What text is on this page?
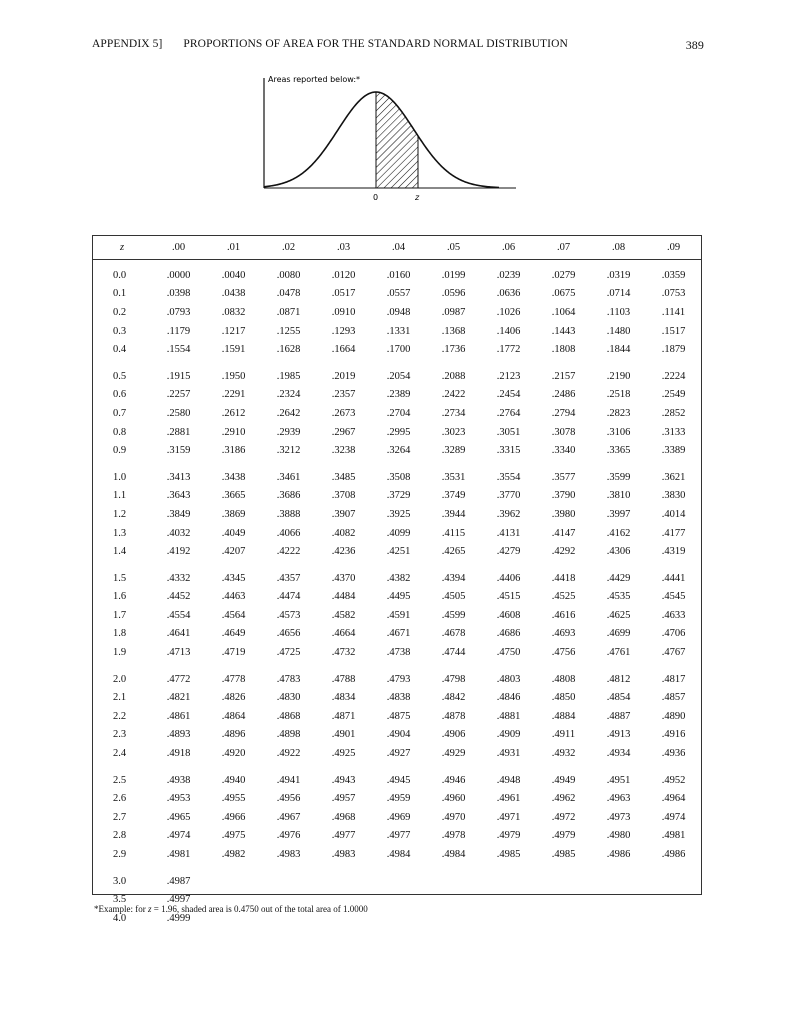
APPENDIX 5] PROPORTIONS OF AREA FOR THE STANDARD NORMAL DISTRIBUTION	389
Areas reported below:*
0	z
z	.00	.01	.02	.03	.04	.05	.06	.07	.08	.09
0.0	.0000	.0040	.0080	.0120	.0160	.0199	.0239	.0279	.0319	.0359
0.1	.0398	.0438	.0478	.0517	.0557	.0596	.0636	.0675	.0714	.0753
0.2	.0793	.0832	.0871	.0910	.0948	.0987	.1026	.1064	.1103	.1141
0.3	.1179	.1217	.1255	.1293	.1331	.1368	.1406	.1443	.1480	.1517
0.4	.1554	.1591	.1628	.1664	.1700	.1736	.1772	.1808	.1844	.1879
0.5	.1915	.1950	.1985	.2019	.2054	.2088	.2123	.2157	.2190	.2224
0.6	.2257	.2291	.2324	.2357	.2389	.2422	.2454	.2486	.2518	.2549
0.7	.2580	.2612	.2642	.2673	.2704	.2734	.2764	.2794	.2823	.2852
0.8	.2881	.2910	.2939	.2967	.2995	.3023	.3051	.3078	.3106	.3133
0.9	.3159	.3186	.3212	.3238	.3264	.3289	.3315	.3340	.3365	.3389
1.0	.3413	.3438	.3461	.3485	.3508	.3531	.3554	.3577	.3599	.3621
1.1	.3643	.3665	.3686	.3708	.3729	.3749	.3770	.3790	.3810	.3830
1.2	.3849	.3869	.3888	.3907	.3925	.3944	.3962	.3980	.3997	.4014
1.3	.4032	.4049	.4066	.4082	.4099	.4115	.4131	.4147	.4162	.4177
1.4	.4192	.4207	.4222	.4236	.4251	.4265	.4279	.4292	.4306	.4319
1.5	.4332	.4345	.4357	.4370	.4382	.4394	.4406	.4418	.4429	.4441
1.6	.4452	.4463	.4474	.4484	.4495	.4505	.4515	.4525	.4535	.4545
1.7	.4554	.4564	.4573	.4582	.4591	.4599	.4608	.4616	.4625	.4633
1.8	.4641	.4649	.4656	.4664	.4671	.4678	.4686	.4693	.4699	.4706
1.9	.4713	.4719	.4725	.4732	.4738	.4744	.4750	.4756	.4761	.4767
2.0	.4772	.4778	.4783	.4788	.4793	.4798	.4803	.4808	.4812	.4817
2.1	.4821	.4826	.4830	.4834	.4838	.4842	.4846	.4850	.4854	.4857
2.2	.4861	.4864	.4868	.4871	.4875	.4878	.4881	.4884	.4887	.4890
2.3	.4893	.4896	.4898	.4901	.4904	.4906	.4909	.4911	.4913	.4916
2.4	.4918	.4920	.4922	.4925	.4927	.4929	.4931	.4932	.4934	.4936
2.5	.4938	.4940	.4941	.4943	.4945	.4946	.4948	.4949	.4951	.4952
2.6	.4953	.4955	.4956	.4957	.4959	.4960	.4961	.4962	.4963	.4964
2.7	.4965	.4966	.4967	.4968	.4969	.4970	.4971	.4972	.4973	.4974
2.8	.4974	.4975	.4976	.4977	.4977	.4978	.4979	.4979	.4980	.4981
2.9	.4981	.4982	.4983	.4983	.4984	.4984	.4985	.4985	.4986	.4986
3.0	.4987									
3.5	.4997									
4.0	.4999									
*Example: for z = 1.96, shaded area is 0.4750 out of the total area of 1.0000
